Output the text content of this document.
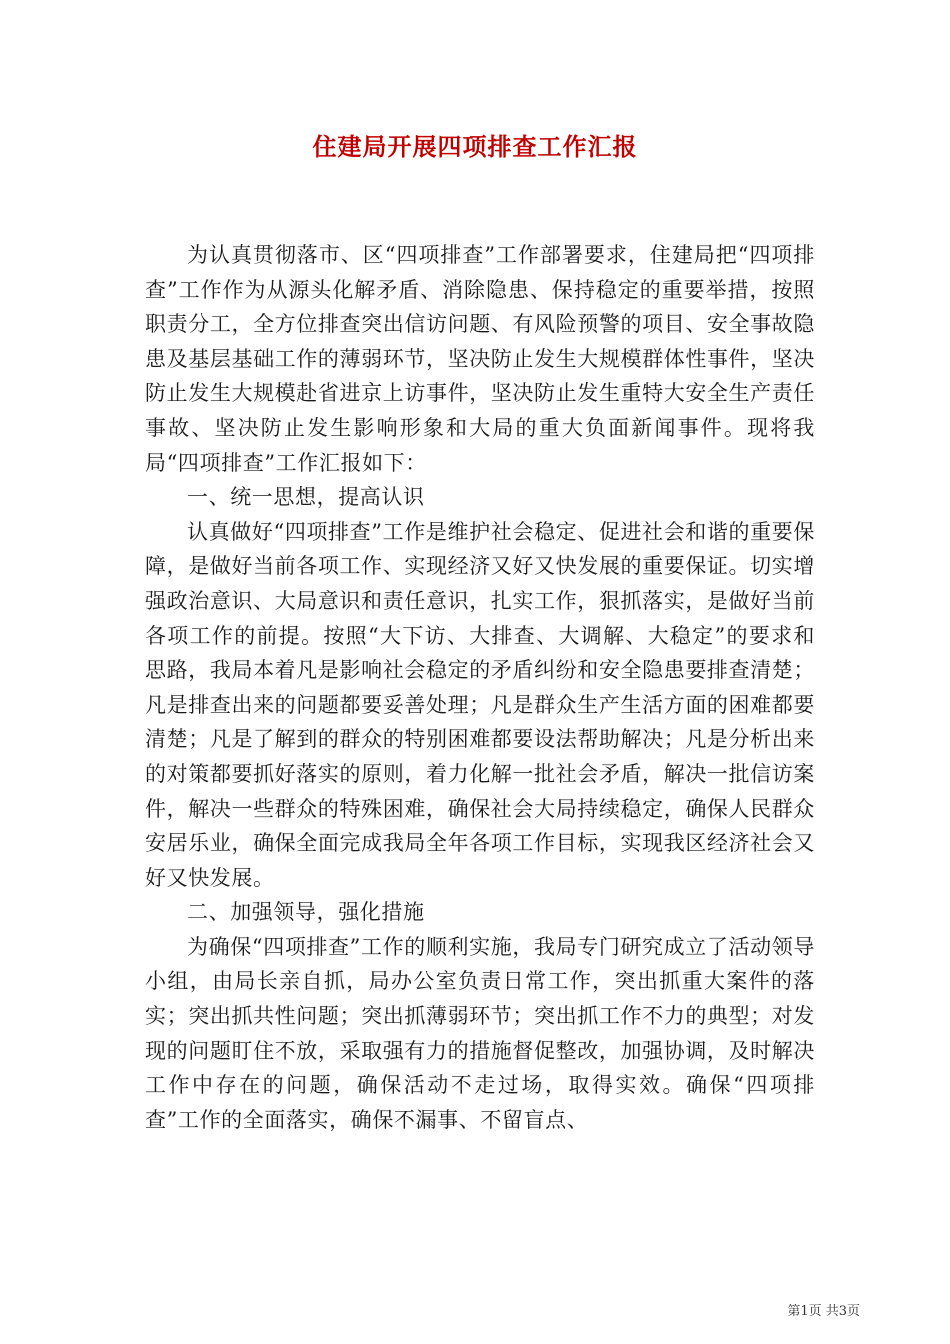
住建局开展四项排查工作汇报

为认真贯彻落市、区“四项排查”工作部署要求，住建局把“四项排查”工作作为从源头化解矛盾、消除隐患、保持稳定的重要举措，按照职责分工，全方位排查突出信访问题、有风险预警的项目、安全事故隐患及基层基础工作的薄弱环节，坚决防止发生大规模群体性事件，坚决防止发生大规模赴省进京上访事件，坚决防止发生重特大安全生产责任事故、坚决防止发生影响形象和大局的重大负面新闻事件。现将我局“四项排查”工作汇报如下：

一、统一思想，提高认识

认真做好“四项排查”工作是维护社会稳定、促进社会和谐的重要保障，是做好当前各项工作、实现经济又好又快发展的重要保证。切实增强政治意识、大局意识和责任意识，扎实工作，狠抓落实，是做好当前各项工作的前提。按照“大下访、大排查、大调解、大稳定”的要求和思路，我局本着凡是影响社会稳定的矛盾纠纷和安全隐患要排查清楚；凡是排查出来的问题都要妥善处理；凡是群众生产生活方面的困难都要清楚；凡是了解到的群众的特别困难都要设法帮助解决；凡是分析出来的对策都要抓好落实的原则，着力化解一批社会矛盾，解决一批信访案件，解决一些群众的特殊困难，确保社会大局持续稳定，确保人民群众安居乐业，确保全面完成我局全年各项工作目标，实现我区经济社会又好又快发展。

二、加强领导，强化措施

为确保“四项排查”工作的顺利实施，我局专门研究成立了活动领导小组，由局长亲自抓，局办公室负责日常工作，突出抓重大案件的落实；突出抓共性问题；突出抓薄弱环节；突出抓工作不力的典型；对发现的问题盯住不放，采取强有力的措施督促整改，加强协调，及时解决工作中存在的问题，确保活动不走过场，取得实效。确保“四项排查”工作的全面落实，确保不漏事、不留盲点、

第1页 共3页
